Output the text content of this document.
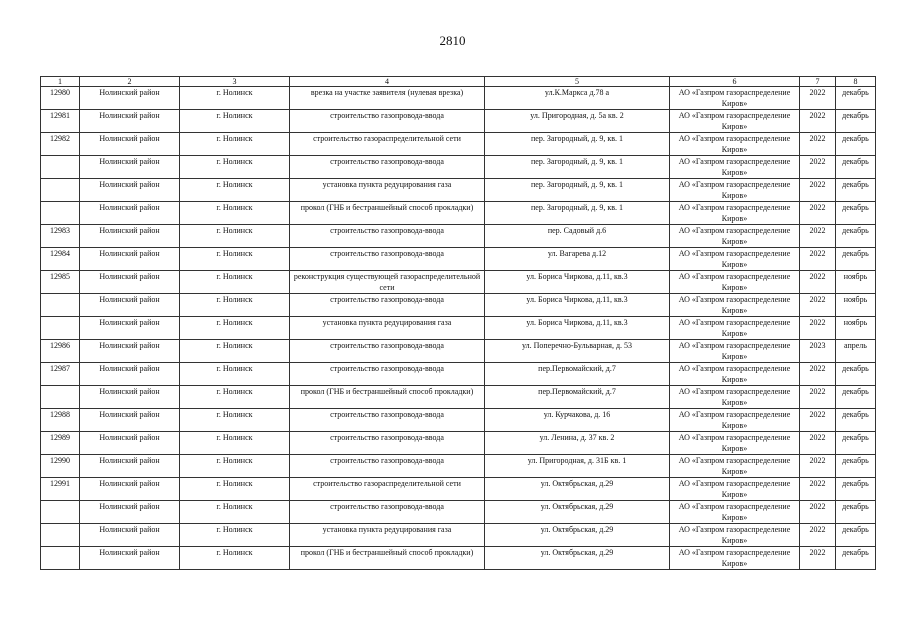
2810
1	2	3	4	5	6	7	8
12980	Нолинский район	г. Нолинск	врезка на участке заявителя (нулевая врезка)	ул.К.Маркса д.78 а	АО «Газпром газораспределение Киров»	2022	декабрь
12981	Нолинский район	г. Нолинск	строительство газопровода-ввода	ул. Пригородная, д. 5а кв. 2	АО «Газпром газораспределение Киров»	2022	декабрь
12982	Нолинский район	г. Нолинск	строительство газораспределительной сети	пер. Загородный, д. 9, кв. 1	АО «Газпром газораспределение Киров»	2022	декабрь
	Нолинский район	г. Нолинск	строительство газопровода-ввода	пер. Загородный, д. 9, кв. 1	АО «Газпром газораспределение Киров»	2022	декабрь
	Нолинский район	г. Нолинск	установка пункта редуцирования газа	пер. Загородный, д. 9, кв. 1	АО «Газпром газораспределение Киров»	2022	декабрь
	Нолинский район	г. Нолинск	прокол (ГНБ и бестраншейный способ прокладки)	пер. Загородный, д. 9, кв. 1	АО «Газпром газораспределение Киров»	2022	декабрь
12983	Нолинский район	г. Нолинск	строительство газопровода-ввода	пер. Садовый д.6	АО «Газпром газораспределение Киров»	2022	декабрь
12984	Нолинский район	г. Нолинск	строительство газопровода-ввода	ул. Вагарева д.12	АО «Газпром газораспределение Киров»	2022	декабрь
12985	Нолинский район	г. Нолинск	реконструкция существующей газораспределительной сети	ул. Бориса Чиркова, д.11, кв.3	АО «Газпром газораспределение Киров»	2022	ноябрь
	Нолинский район	г. Нолинск	строительство газопровода-ввода	ул. Бориса Чиркова, д.11, кв.3	АО «Газпром газораспределение Киров»	2022	ноябрь
	Нолинский район	г. Нолинск	установка пункта редуцирования газа	ул. Бориса Чиркова, д.11, кв.3	АО «Газпром газораспределение Киров»	2022	ноябрь
12986	Нолинский район	г. Нолинск	строительство газопровода-ввода	ул. Поперечно-Бульварная, д. 53	АО «Газпром газораспределение Киров»	2023	апрель
12987	Нолинский район	г. Нолинск	строительство газопровода-ввода	пер.Первомайский, д.7	АО «Газпром газораспределение Киров»	2022	декабрь
	Нолинский район	г. Нолинск	прокол (ГНБ и бестраншейный способ прокладки)	пер.Первомайский, д.7	АО «Газпром газораспределение Киров»	2022	декабрь
12988	Нолинский район	г. Нолинск	строительство газопровода-ввода	ул. Курчакова, д. 16	АО «Газпром газораспределение Киров»	2022	декабрь
12989	Нолинский район	г. Нолинск	строительство газопровода-ввода	ул. Ленина, д. 37 кв. 2	АО «Газпром газораспределение Киров»	2022	декабрь
12990	Нолинский район	г. Нолинск	строительство газопровода-ввода	ул. Пригородная, д. 31Б кв. 1	АО «Газпром газораспределение Киров»	2022	декабрь
12991	Нолинский район	г. Нолинск	строительство газораспределительной сети	ул. Октябрьская, д.29	АО «Газпром газораспределение Киров»	2022	декабрь
	Нолинский район	г. Нолинск	строительство газопровода-ввода	ул. Октябрьская, д.29	АО «Газпром газораспределение Киров»	2022	декабрь
	Нолинский район	г. Нолинск	установка пункта редуцирования газа	ул. Октябрьская, д.29	АО «Газпром газораспределение Киров»	2022	декабрь
	Нолинский район	г. Нолинск	прокол (ГНБ и бестраншейный способ прокладки)	ул. Октябрьская, д.29	АО «Газпром газораспределение Киров»	2022	декабрь
